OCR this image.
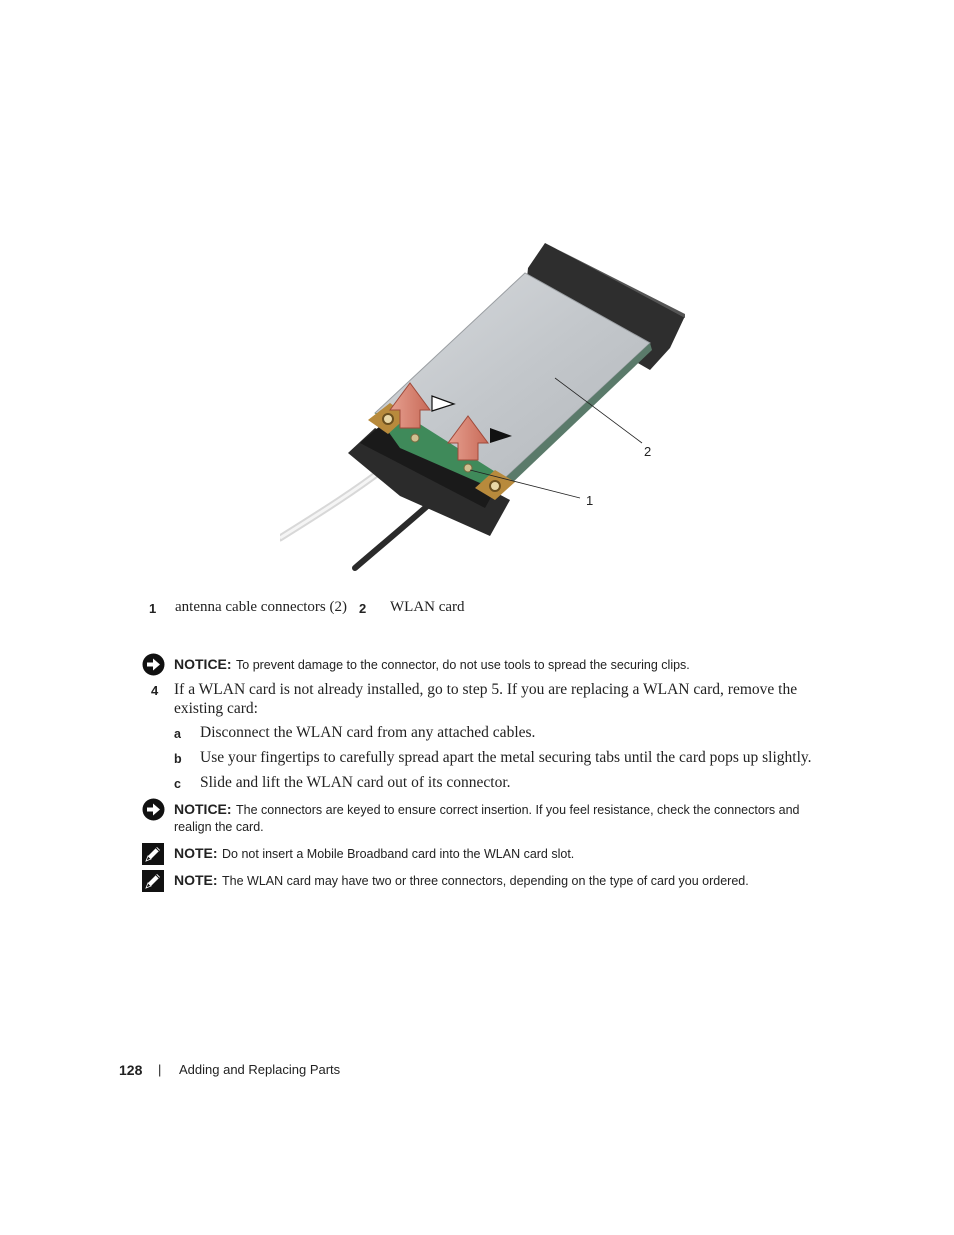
2
1
1 antenna cable connectors (2) 2 WLAN card
NOTICE: To prevent damage to the connector, do not use tools to spread the securing clips.
4 If a WLAN card is not already installed, go to step 5. If you are replacing a WLAN card, remove the
existing card:
a Disconnect the WLAN card from any attached cables.
b Use your fingertips to carefully spread apart the metal securing tabs until the card pops up slightly.
c Slide and lift the WLAN card out of its connector.
NOTICE: The connectors are keyed to ensure correct insertion. If you feel resistance, check the connectors and
realign the card.
NOTE: Do not insert a Mobile Broadband card into the WLAN card slot.
NOTE: The WLAN card may have two or three connectors, depending on the type of card you ordered.
128 | Adding and Replacing Parts
